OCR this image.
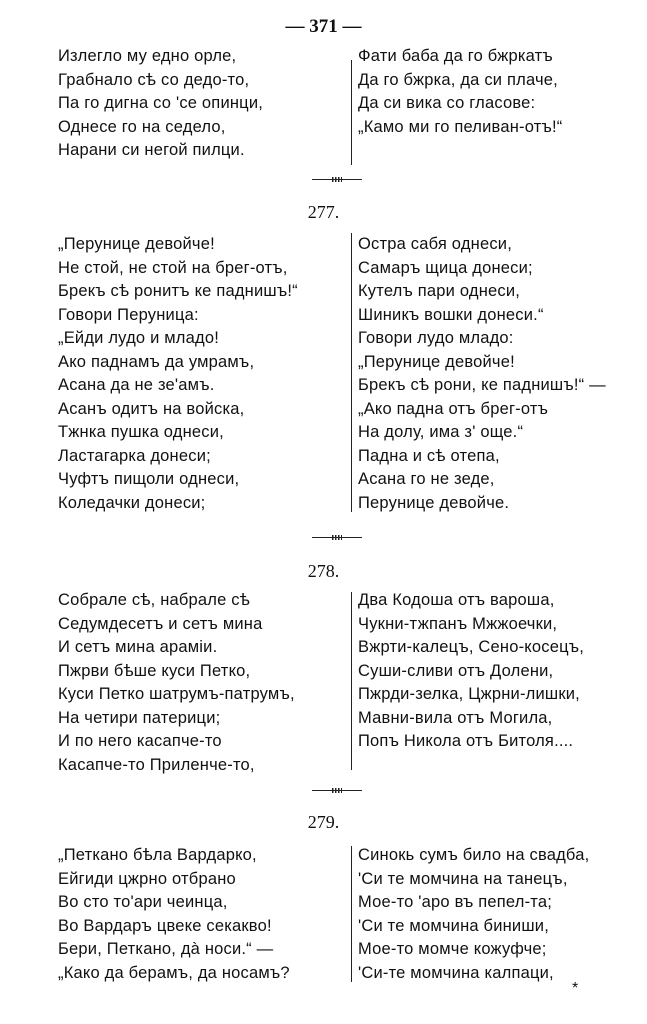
— 371 —
Излегло му едно орле,
Грабнало сѣ со дедо-то,
Па го дигна со 'се опинци,
Однесе го на седело,
Нарани си негой пилци.
Фати баба да го бжркатъ
Да го бжрка, да си плаче,
Да си вика со гласове:
„Камо ми го пеливан-отъ!“
277.
„Перунице девойче!
Не стой, не стой на брег-отъ,
Брекъ сѣ ронитъ ке паднишъ!“
Говори Перуница:
„Ейди лудо и младо!
Ако паднамъ да умрамъ,
Асана да не зе'амъ.
Асанъ одитъ на войска,
Тжнка пушка однеси,
Ластагарка донеси;
Чуфтъ пищоли однеси,
Коледачки донеси;
Остра сабя однеси,
Самаръ щица донеси;
Кутелъ пари однеси,
Шиникъ вошки донеси.“
Говори лудо младо:
„Перунице девойче!
Брекъ сѣ рони, ке паднишъ!“ —
„Ако падна отъ брег-отъ
На долу, има з' още.“
Падна и сѣ отепа,
Асана го не зеде,
Перунице девойче.
278.
Собрале сѣ, набрале сѣ
Седумдесетъ и сетъ мина
И сетъ мина арамiи.
Пжрви бѣше куси Петко,
Куси Петко шатрумъ-патрумъ,
На четири патерици;
И по него касапче-то
Касапче-то Приленче-то,
Два Кодоша отъ вароша,
Чукни-тжпанъ Мжжоечки,
Вжрти-калецъ, Сено-косецъ,
Суши-сливи отъ Долени,
Пжрди-зелка, Цжрни-лишки,
Мавни-вила отъ Могила,
Попъ Никола отъ Битоля....
279.
„Петкано бѣла Вардарко,
Ейгиди цжрно отбрано
Во сто то'ари чеинца,
Во Вардаръ цвеке секакво!
Бери, Петкано, дà носи.“ —
„Како да берамъ, да носамъ?
Синокь сумъ било на свадба,
'Си те момчина на танецъ,
Мое-то 'аро въ пепел-та;
'Си те момчина биниши,
Мое-то момче кожуфче;
'Си-те момчина калпаци,
*
